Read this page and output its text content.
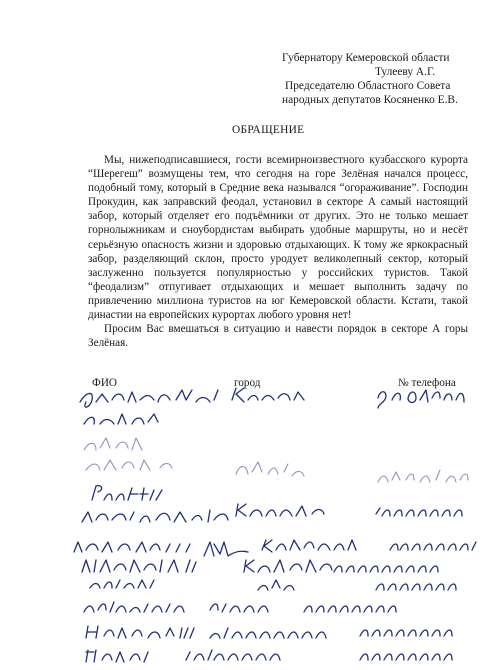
Губернатору Кемеровской области
Тулееву А.Г.
Председателю Областного Совета
народных депутатов Косяненко Е.В.
ОБРАЩЕНИЕ

Мы, нижеподписавшиеся, гости всемирноизвестного кузбасского курорта “Шерегеш” возмущены тем, что сегодня на горе Зелёная начался процесс, подобный тому, который в Средние века назывался “огораживание”. Господин Прокудин, как заправский феодал, установил в секторе А самый настоящий забор, который отделяет его подъёмники от других. Это не только мешает горнолыжникам и сноубордистам выбирать удобные маршруты, но и несёт серьёзную опасность жизни и здоровью отдыхающих. К тому же яркокрасный забор, разделяющий склон, просто уродует великолепный сектор, который заслуженно пользуется популярностью у российских туристов. Такой “феодализм” отпугивает отдыхающих и мешает выполнить задачу по привлечению миллиона туристов на юг Кемеровской области. Кстати, такой династии на европейских курортах любого уровня нет!

Просим Вас вмешаться в ситуацию и навести порядок в секторе А горы Зелёная.

ФИО	город	№ телефона
